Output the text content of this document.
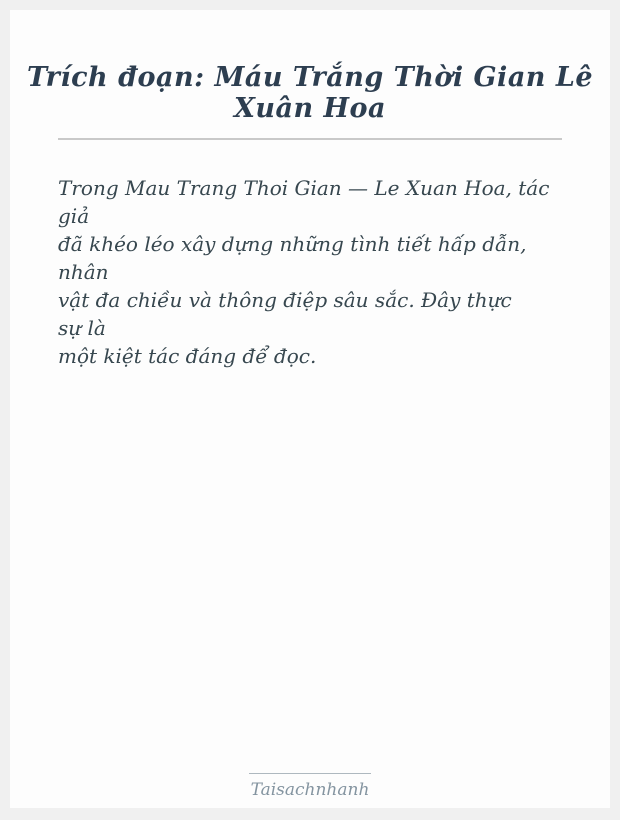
Trích đoạn: Máu Trắng Thời Gian Lê Xuân Hoa
Trong Mau Trang Thoi Gian — Le Xuan Hoa, tác
giả
đã khéo léo xây dựng những tình tiết hấp dẫn,
nhân
vật đa chiều và thông điệp sâu sắc. Đây thực
sự là
một kiệt tác đáng để đọc.
Taisachnhanh
